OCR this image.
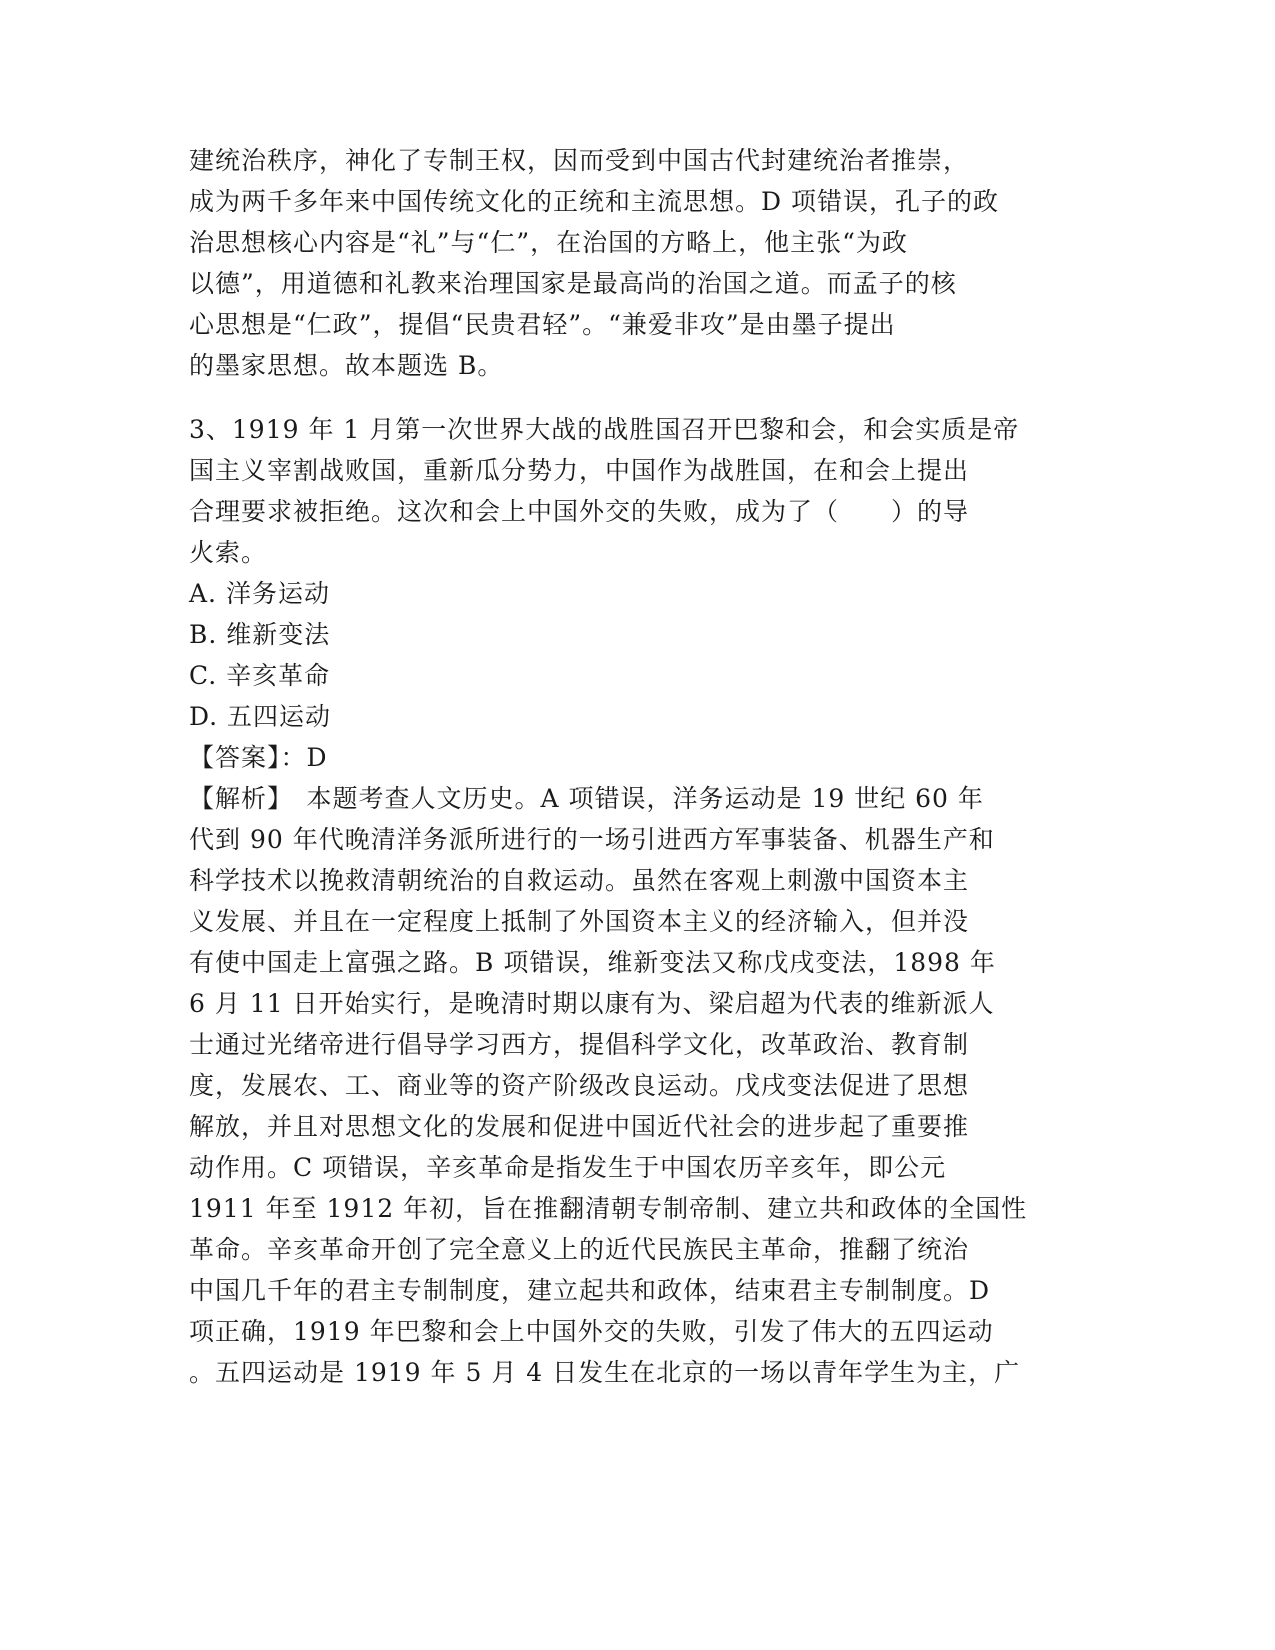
建统治秩序，神化了专制王权，因而受到中国古代封建统治者推崇，
成为两千多年来中国传统文化的正统和主流思想。D 项错误，孔子的政
治思想核心内容是“礼”与“仁”，在治国的方略上，他主张“为政
以德”，用道德和礼教来治理国家是最高尚的治国之道。而孟子的核
心思想是“仁政”，提倡“民贵君轻”。“兼爱非攻”是由墨子提出
的墨家思想。故本题选 B。
3、1919 年 1 月第一次世界大战的战胜国召开巴黎和会，和会实质是帝
国主义宰割战败国，重新瓜分势力，中国作为战胜国，在和会上提出
合理要求被拒绝。这次和会上中国外交的失败，成为了（　　）的导
火索。
A. 洋务运动
B. 维新变法
C. 辛亥革命
D. 五四运动
【答案】：D
【解析】　本题考查人文历史。A 项错误，洋务运动是 19 世纪 60 年
代到 90 年代晚清洋务派所进行的一场引进西方军事装备、机器生产和
科学技术以挽救清朝统治的自救运动。虽然在客观上刺激中国资本主
义发展、并且在一定程度上抵制了外国资本主义的经济输入，但并没
有使中国走上富强之路。B 项错误，维新变法又称戊戌变法，1898 年
6 月 11 日开始实行，是晚清时期以康有为、梁启超为代表的维新派人
士通过光绪帝进行倡导学习西方，提倡科学文化，改革政治、教育制
度，发展农、工、商业等的资产阶级改良运动。戊戌变法促进了思想
解放，并且对思想文化的发展和促进中国近代社会的进步起了重要推
动作用。C 项错误，辛亥革命是指发生于中国农历辛亥年，即公元
1911 年至 1912 年初，旨在推翻清朝专制帝制、建立共和政体的全国性
革命。辛亥革命开创了完全意义上的近代民族民主革命，推翻了统治
中国几千年的君主专制制度，建立起共和政体，结束君主专制制度。D
项正确，1919 年巴黎和会上中国外交的失败，引发了伟大的五四运动
。五四运动是 1919 年 5 月 4 日发生在北京的一场以青年学生为主，广
